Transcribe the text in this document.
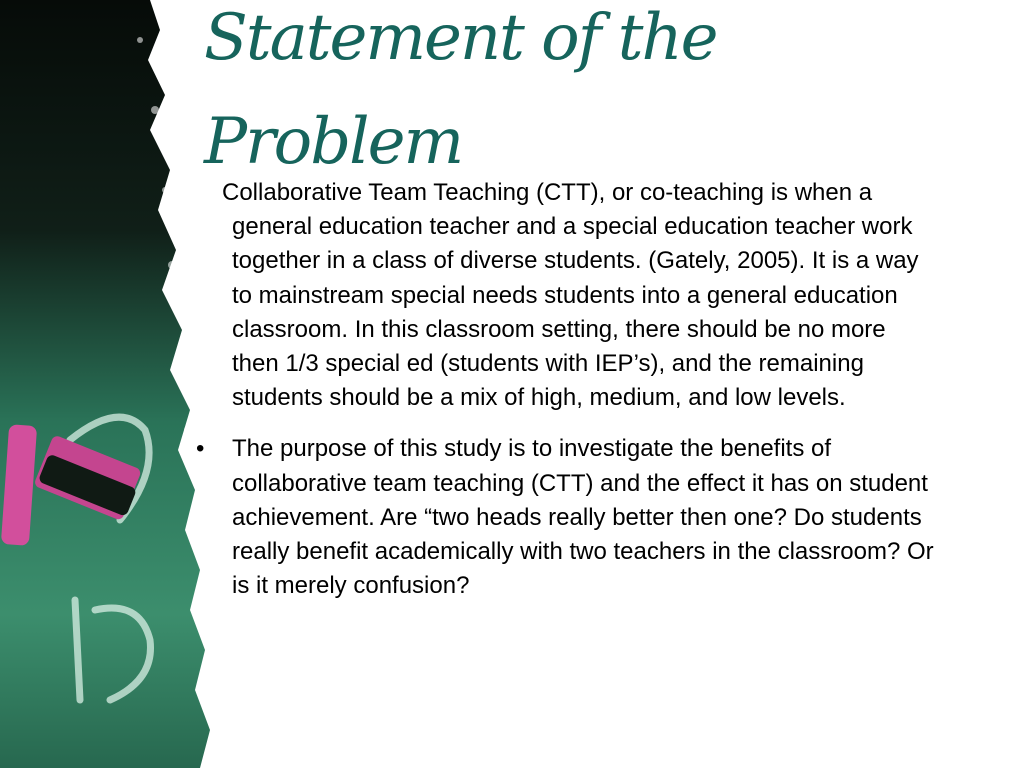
Statement of the
Problem

Collaborative Team Teaching (CTT), or co-teaching is when a general education teacher and a special education teacher work together in a class of diverse students. (Gately, 2005). It is a way to mainstream special needs students into a general education classroom. In this classroom setting, there should be no more then 1/3 special ed (students with IEP’s), and the remaining students should be a mix of high, medium, and low levels.

•	The purpose of this study is to investigate the benefits of collaborative team teaching (CTT) and the effect it has on student achievement. Are “two heads really better then one? Do students really benefit academically with two teachers in the classroom? Or is it merely confusion?
